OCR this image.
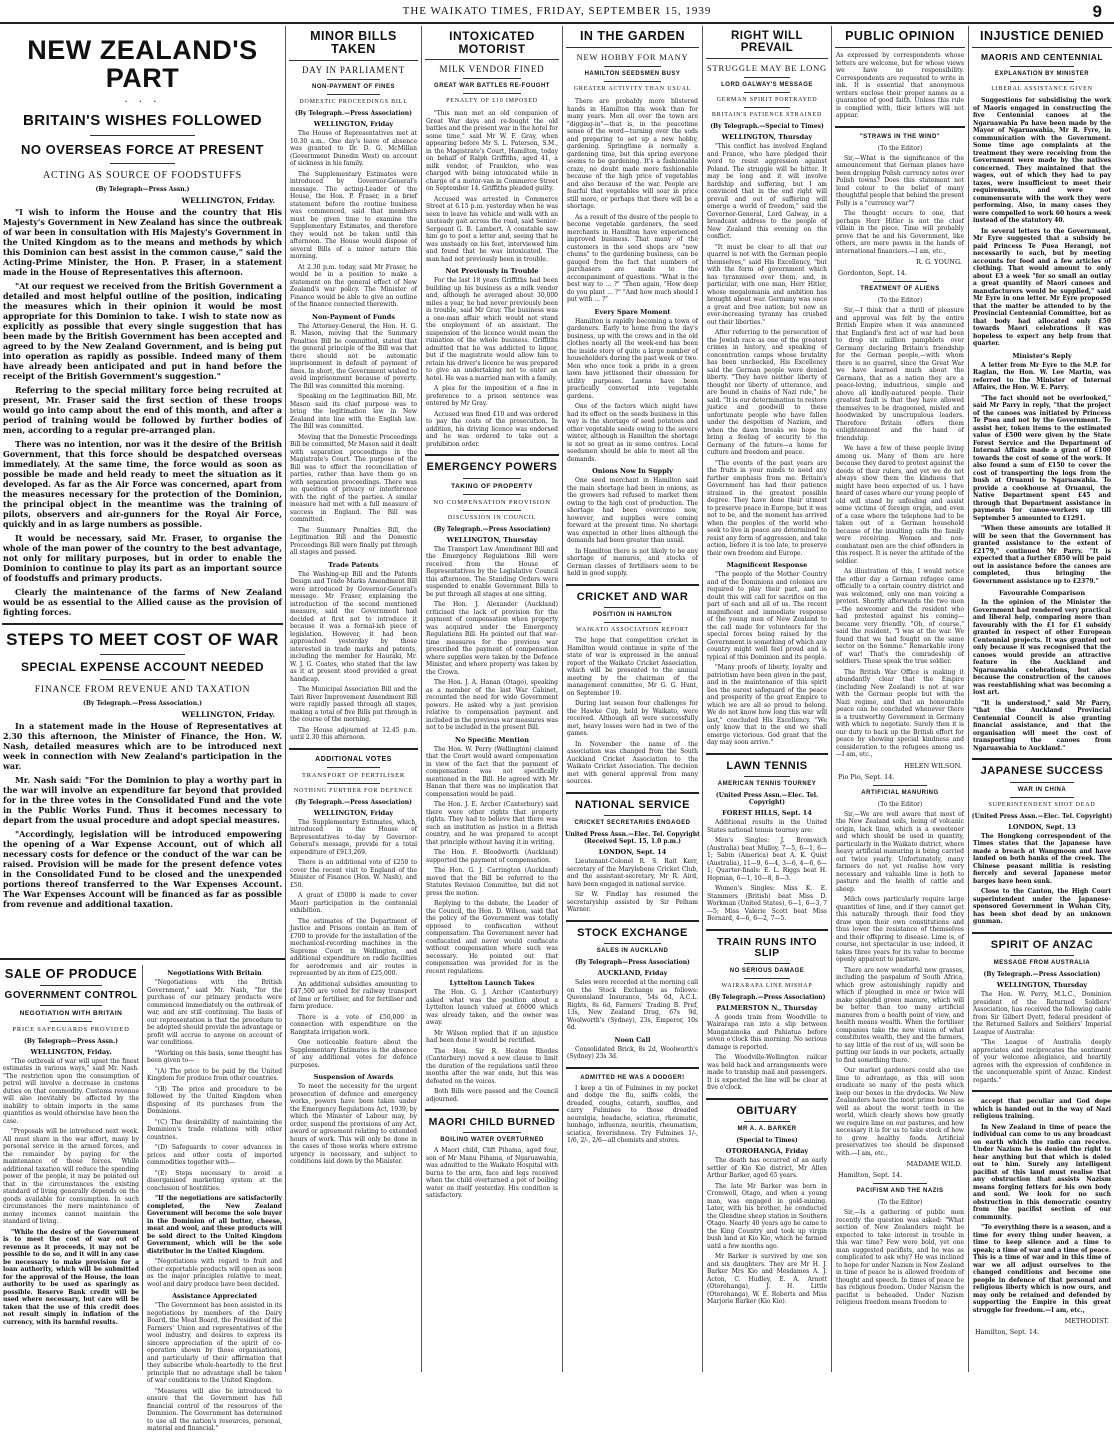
THE WAIKATO TIMES, FRIDAY, SEPTEMBER 15, 1939	9
NEW ZEALAND'S PART
· · ·
BRITAIN'S WISHES FOLLOWED
NO OVERSEAS FORCE AT PRESENT
ACTING AS SOURCE OF FOODSTUFFS
(By Telegraph—Press Assn.)
WELLINGTON, Friday.

"I wish to inform the House and the country that His Majesty's Government in New Zealand has since the outbreak of war been in consultation with His Majesty's Government in the United Kingdom as to the means and methods by which this Dominion can best assist in the common cause," said the Acting-Prime Minister, the Hon. P. Fraser, in a statement made in the House of Representatives this afternoon.

"At our request we received from the British Government a detailed and most helpful outline of the position, indicating the measures which in their opinion it would be most appropriate for this Dominion to take. I wish to state now as explicitly as possible that every single suggestion that has been made by the British Government has been accepted and agreed to by the New Zealand Government, and is being put into operation as rapidly as possible. Indeed many of them have already been anticipated and put in hand before the receipt of the British Government's suggestion."

Referring to the special military force being recruited at present, Mr. Fraser said the first section of these troops would go into camp about the end of this month, and after a period of training would be followed by further bodies of men, according to a regular pre-arranged plan.

There was no intention, nor was it the desire of the British Government, that this force should be despatched overseas immediately. At the same time, the force would as soon as possible be made and held ready to meet the situation as it developed. As far as the Air Force was concerned, apart from the measures necessary for the protection of the Dominion, the principal object in the meantime was the training of pilots, observers and air-gunners for the Royal Air Force, quickly and in as large numbers as possible.

It would be necessary, said Mr. Fraser, to organise the whole of the man power of the country to the best advantage, not only for military purposes, but in order to enable the Dominion to continue to play its part as an important source of foodstuffs and primary products.

Clearly the maintenance of the farms of New Zealand would be as essential to the Allied cause as the provision of fighting forces.

STEPS TO MEET COST OF WAR
SPECIAL EXPENSE ACCOUNT NEEDED
FINANCE FROM REVENUE AND TAXATION
(By Telegraph.—Press Association.)
WELLINGTON, Friday.

In a statement made in the House of Representatives at 2.30 this afternoon, the Minister of Finance, the Hon. W. Nash, detailed measures which are to be introduced next week in connection with New Zealand's participation in the war.

Mr. Nash said: "For the Dominion to play a worthy part in the war will involve an expenditure far beyond that provided for in the three votes in the Consolidated Fund and the vote in the Public Works Fund. Thus it becomes necessary to depart from the usual procedure and adopt special measures.

"Accordingly, legislation will be introduced empowering the opening of a War Expense Account, out of which all necessary costs for defence or the conduct of the war can be raised. Provision will be made for the present defence votes in the Consolidated Fund to be closed and the unexpended portions thereof transferred to the War Expenses Account. The War Expenses Account will be financed as far as possible from revenue and additional taxation.

SALE OF PRODUCE
GOVERNMENT CONTROL
NEGOTIATION WITH BRITAIN
PRICE SAFEGUARDS PROVIDED
(By Telegraph—Press Assn.)
WELLINGTON, Friday.

"The outbreak of war will upset the finest estimates in various ways," said Mr. Nash. "The restriction upon the consumption of petrol will involve a decrease in customs duties on that commodity. Customs revenue will also inevitably be affected by the inability to obtain imports in the same quantities as would otherwise have been the case.

"Proposals will be introduced next week. All must share in the war effort, many by personal service in the armed forces, and the remainder by paying for the maintenance of those forces. While additional taxation will reduce the spending power of the people, it may be pointed out that in the circumstances the existing standard of living generally depends on the goods available for consumption. In such circumstances the mere maintenance of money incomes cannot maintain the standard of living.

"While the desire of the Government is to meet the cost of war out of revenue as it proceeds, it may not be possible to do so, and it will in any case be necessary to make provision for a loan authority, which will be submitted for the approval of the House, the loan authority to be used as sparingly as possible. Reserve Bank credit will be used where necessary, but care will be taken that the use of this credit does not result simply in inflation of the currency, with its harmful results.

Negotiations With Britain

"Negotiations with the British Government," said Mr. Nash, "for the purchase of our primary products were commenced immediately on the outbreak of war, and are still continuing. The basis of our representation is that the procedure to be adopted should provide the advantage or profit will accrue to anyone on account of war conditions.

"Working on this basis, some thought has been given to—

"(A) The price to be paid by the United Kingdom for produce from other countries.

"(B) The price and procedure to be followed by the United Kingdom when disposing of its purchases from the Dominions.

"(C) The desirability of maintaining the Dominion's trade relations with other countries.

"(D) Safeguards to cover advances in prices and other costs of imported commodities together with—

"(E) Steps necessary to avoid a disorganised marketing system at the conclusion of hostilities.

"If the negotiations are satisfactorily completed, the New Zealand Government will become the sole buyer in the Dominion of all butter, cheese, meat and wool, and these products will be sold direct to the United Kingdom Government, which will be the sole distributor in the United Kingdom.

"Negotiations with regard to fruit and other exportable products will open as soon as the major principles relative to meat, wool and dairy produce have been decided.

Assistance Appreciated

"The Government has been assisted in its negotiations by members of the Dairy Board, the Meat Board, the President of the Farmers' Union and representatives of the wool industry, and desires to express its sincere appreciation of the spirit of co-operation shown by those organisations, and particularly of their affirmation that they subscribe whole-heartedly to the first principle that no advantage shall be taken of war conditions to the United Kingdom.

"Measures will also be introduced to ensure that the Government has full financial control of the resources of the Dominion. The Government has determined to use all the nation's resources, personal, material and financial."

MINOR BILLS TAKEN
DAY IN PARLIAMENT
NON-PAYMENT OF FINES
DOMESTIC PROCEEDINGS BILL
(By Telegraph.—Press Association)
WELLINGTON, Friday

The House of Representatives met at 10.30 a.m.. One day's leave of absence was granted to Dr. D. G. McMillan (Government Dunedin West) on account of sickness in his family.

The Supplementary Estimates were introduced by Governor-General's message. The acting-Leader of the House, the Hon. P. Fraser, in a brief statement before the routine business was commenced, said that members must be given time to examine the Supplementary Estimates, and therefore they would not be taken until this afternoon. The House would dispose of several Bills of a minor nature this morning.

At 2.30 p.m. today, said Mr Fraser, he would be in a position to make a statement on the general effect of New Zealand's war policy. The Minister of Finance would be able to give an outline of the finance connected therewith.

Non-Payment of Funds

The Attorney-General, the Hon. H. G. R. Mason, moving that the Summary Penalties Bill be committed, stated that the general principle of the Bill was that there should not be automatic imprisonment in default of payment of fines. In short, the Government wished to avoid imprisonment because of poverty. The Bill was committed this morning.

Speaking on the Legitimation Bill, Mr. Mason said its chief purpose was to bring the legitimation law in New Zealand into line with the English law. The Bill was committed.

Moving that the Domestic Proceedings Bill be committed, Mr Mason said it dealt with separation proceedings in the Magistrate's Court. The purpose of the Bill was to effect the reconciliation of parties, rather than have them go on with separation proceedings. There was no question of privacy or interference with the right of the parties. A similar measure had met with a full measure of success in England. The Bill was committed.

The Summary Penalties Bill, the Legitimation Bill and the Domestic Proceedings Bill were finally put through all stages and passed.

Trade Patents

The Washing-up Bill and the Patents Design and Trade Marks Amendment Bill were introduced by Governor-General's message. Mr Fraser, explaining the introduction of the second mentioned measure, said the Government had decided at first not to introduce it because it was a formal-ish piece of legislation. However, it had been approached yesterday by those interested in trade marks and patents, including the member for Hauraki, Mr. W. J. G. Coates, who stated that the law as it at present stood provided a great handicap.

The Municipal Association Bill and the Tairi River Improvement Amendment Bill were rapidly passed through all stages, making a total of five Bills put through in the course of the morning.

The House adjourned at 12.45 p.m. until 2.30 this afternoon.

ADDITIONAL VOTES
TRANSPORT OF FERTILISER
NOTHING FURTHER FOR DEFENCE
(By Telegraph.—Press Association)
WELLINGTON, Friday

The Supplementary Estimates, which, introduced in the House of Representatives to-day by Governor-General's message, provide for a total expenditure of £913,269.

There is an additional vote of £250 to cover the recent visit to England of the Minister of Finance (Hon. W. Nash), and £50.

A grant of £5000 is made to cover Maori participation in the centennial exhibition.

The estimates of the Department of Justice and Prisons contain an item of £700 to provide for the installation of the mechanical-recording machines in the Supreme Court in Wellington, and additional expenditure on radio facilities for aerodromes and air routes is represented by an item of £25,000.

An additional subsidies amounting to £47,500 are voted for railway transport of lime or fertiliser, and for fertiliser and farm produce.

There is a vote of £50,000 in connection with expenditure on the Rangitata irrigation work.

One noticeable feature about the Supplementary Estimates is the absence of any additional votes for defence purposes.

Suspension of Awards

To meet the necessity for the urgent prosecution of defence and emergency works, powers have been taken under the Emergency Regulations Act, 1939, by which the Minister of Labour may, by order, suspend the provisions of any Act, award or agreement relating to extended hours of work. This will only be done in the cases of those works where extreme urgency is necessary, and subject to conditions laid down by the Minister.

INTOXICATED MOTORIST
MILK VENDOR FINED
GREAT WAR BATTLES RE-FOUGHT
PENALTY OF £10 IMPOSED

"This man met an old companion of Great War days and re-fought the old battles and the present war in the hotel for some time," said Mr W. F. Gray, when appearing before Mr S. L. Paterson, S.M., in the Magistrate's Court, Hamilton, today on behalf of Ralph Griffiths, aged 41, a milk vendor, of Frankton, who was charged with being intoxicated while in charge of a motor-van in Commerce Street on September 14. Griffiths pleaded guilty.

Accused was arrested in Commerce Street at 6.15 p.m. yesterday when he was seen to leave his vehicle and walk with an unsteady gait across the road, said Senior-Sergeant G. B. Lambert. A constable saw him go to post a letter and, seeing that he was unsteady on his feet, interviewed him and found that he was intoxicated. The man had not previously been in trouble.

Not Previously in Trouble

For the last 18 years Griffiths had been building up his business as a milk vendor and, although he averaged about 30,000 miles a year, he had never previously been in trouble, said Mr Gray. The business was a one-man affair which would not stand the employment of an assistant. The suspension of the licence would mean the ruination of the whole business. Griffiths admitted that he was addicted to liquor, but if the magistrate would allow him to retain his driver's licence he was prepared to give an undertaking not to enter an hotel. He was a married man with a family.

A plea for the imposition of a fine in preference to a prison sentence was entered by Mr Gray.

Accused was fined £10 and was ordered to pay the costs of the prosecution. In addition, his driving licence was endorsed and he was ordered to take out a prohibition order.

EMERGENCY POWERS
TAKING OF PROPERTY
NO COMPENSATION PROVISION
DISCUSSION IN COUNCIL
(By Telegraph.—Press Association)
WELLINGTON, Thursday

The Transport Law Amendment Bill and the Emergency Regulations Bill were received from the House of Representatives by the Legislative Council this afternoon. The Standing Orders were suspended to enable Government Bills to be put through all stages at one sitting.

The Hon. J. Alexander (Auckland) criticised the lack of provision for the payment of compensation when property was acquired under the Emergency Regulations Bill. He pointed out that war-time measures for the previous war prescribed the payment of compensation where supplies were taken by the Defence Minister, and where property was taken by the Crown.

The Hon. J. A. Hanan (Otago), speaking as a member of the last War Cabinet, recounted the need for wide Government powers. He asked why a just provision relative to compensation payment and included in the previous war measures was not to be included in the present Bill.

No Specific Mention

The Hon. W. Perry (Wellington) claimed that the Court would award compensation in view of the fact that the payment of compensation was not specifically mentioned in the Bill. He agreed with Mr Hanan that there was no implication that compensation would be paid.

The Hon. J. E. Archer (Canterbury) said there were other rights that property rights. They had to believe that there was such an institution as justice in a British country, and he was prepared to accept that principle without having it in writing.

The Hon. F. Bloodworth (Auckland) supported the payment of compensation.

The Hon. G. J. Carrington (Auckland) moved that the Bill be referred to the Statutes Revision Committee, but did not press the motion.

Replying to the debate, the Leader of the Council, the Hon. D. Wilson, said that the policy of the Government was totally opposed to confiscation without compensation. The Government never had confiscated and never would confiscate without compensation where such was necessary. He pointed out that compensation was provided for in the recent regulations.

Lyttelton Launch Takes

The Hon. G. J. Archer (Canterbury) asked what was the position about a Lyttelton launch valued at £6000 which was already taken, and the owner was away.

Mr Wilson replied that if an injustice had been done it would be rectified.

The Hon. Sir R. Heaton Rhodes (Canterbury) moved a new clause to limit the duration of the regulations until three months after the war ends, but this was defeated on the voices.

Both Bills were passed and the Council adjourned.

MAORI CHILD BURNED
BOILING WATER OVERTURNED

A Maori child, Clift Pihama, aged four, son of Mr Manu Pihama, of Ngaruawahia, was admitted to the Waikato Hospital with burns to the arm, face and legs received when the child overturned a pot of boiling water on itself yesterday. His condition is satisfactory.

IN THE GARDEN
NEW HOBBY FOR MANY
HAMILTON SEEDSMEN BUSY
GREATER ACTIVITY THAN USUAL

There are probably more blistered hands in Hamilton this week than for many years. Men all over the town are "digging-in"—that is, in the peacetime sense of the word—turning over the sods and preparing to set up a new hobby, gardening. Springtime is normally a gardening time, but this spring everyone seems to be gardening. It's a fashionable craze, no doubt made more fashionable because of the high price of vegetables and also because of the war. People are fearful that vegetables will soar in price still more, or perhaps that there will be a shortage.

As a result of the desire of the people to become vegetable gardeners, the seed merchants in Hamilton have experienced improved business. That many of the customers in the seed shops are "new chums" to the gardening business, can be gauged from the fact that numbers of purchasers are made to the accompaniment of questions. "What is the best way to ... ?" "Then again, "How deep do you plant ... ?" "And how much should I put with ... ?"

Every Spare Moment

Hamilton is rapidly becoming a town of gardeners. Early to home from the day's business, up with the crows and in the old clothes nearly all the week-end has been the inside story of quite a large number of householders during the past week or two. Men who once took a pride in a green lawn have jettisoned their obsession for utility purposes. Lawns have been practically converted into vegetable gardens.

One of the factors which might have had its effect on the seeds business in this way is the shortage of seed potatoes and other vegetable seeds owing to the severe winter, although in Hamilton the shortage is not so great as in some centres. Local seedsmen should be able to meet all the demands.

Onions Now In Supply

One seed merchant in Hamilton said the main shortage had been in onions, as the growers had refused to market them owing to the high cost of production. The shortage had been overcome now, however, and supplies were coming forward at the present time. No shortage was expected in other lines although the demands had been greater than usual.

In Hamilton there is not likely to be any shortage of manures, and stocks of German classes of fertilisers seem to be held in good supply.

CRICKET AND WAR
POSITION IN HAMILTON
WAIKATO ASSOCIATION REPORT

The hope that competition cricket in Hamilton would continue in spite of the state of war is expressed in the annual report of the Waikato Cricket Association, which will be presented to the annual meeting by the chairman of the management committee, Mr G. G. Hunt, on September 19.

During last season four challenges for the Hawke Cup, held by Waikato, were received. Although all were successfully met, heavy losses were had in two of the games.

In November the name of the association was changed from the South Auckland Cricket Association to the Waikato Cricket Association. The decision met with general approval from many sources.

NATIONAL SERVICE
CRICKET SECRETARIES ENGAGED
United Press Assn.—Elec. Tel. Copyright (Received Sept. 15, 1.0 p.m.)
LONDON, Sept. 14

Lieutenant-Colonel R. S. Rait Kerr, secretary of the Marylebone Cricket Club, and the assistant-secretary, Mr R. Aird, have been engaged in national service.

Sir W. Findlay has resumed the secretaryship assisted by Sir Pelham Warner.

STOCK EXCHANGE
SALES IN AUCKLAND
(By Telegraph—Press Association)
AUCKLAND, Friday

Sales were recorded at the morning call on the Stock Exchange as follows: Queensland Insurance, 54s 6d, A.C.L. Rights, 8s 6d, Farmers' Trading B. Pref, 13s, New Zealand Drug, 67s 9d, Woolworth's (Sydney), 23s, Emperor, 10s 6d.

Noon Call

Consolidated Brick, 8s 2d, Woolworth's (Sydney) 23s 3d.

ADMITTED HE WAS A DODGER!

I keep a tin of Fulmines in my pocket and dodge the flu, sniffs colds, the dreaded, coughs, catarrh, snuffles, and carry Fulmines to those dreaded neuralgia, headache, sciatica, rheumatic, lumbago, influenza, neuritis, rheumatism, sciatica, feverishness. Try Fulmines 1/-, 1/6, 2/-, 2/6—all chemists and stores.

RIGHT WILL PREVAIL
STRUGGLE MAY BE LONG
LORD GALWAY'S MESSAGE
GERMAN SPIRIT PORTRAYED
BRITAIN'S PATIENCE STRAINED
(By Telegraph.—Special to Times)
WELLINGTON, Thursday

"This conflict has involved England and France, who have pledged their word to resist aggression against Poland. The struggle will be bitter. It may be long and it will involve hardship and suffering, but I am convinced that in the end right will prevail and out of suffering will emerge a world of freedom," said the Governor-General, Lord Galway, in a broadcast address to the people of New Zealand this evening on the conflict.

"It must be clear to all that our quarrel is not with the German people themselves," said His Excellency, "but with the form of government which has tyrannised over them, and, in particular, with one man, Herr Hitler, whose megalomania and ambition has brought about war. Germany was once a great and free nation; but now an ever-increasing tyranny has crushed out their liberties."

After referring to the persecution of the Jewish race as one of the greatest crimes in history, and speaking of concentration camps whose brutality has been unchecked, His Excellency said the German people were denied liberty. "They have neither liberty of thought nor liberty of utterance, and are bound in chains of Nazi rule," he said. "It is our determination to restore justice and goodwill to these unfortunate people who have fallen under the despotism of Nazism, and when the dawn breaks we hope to bring a feeling of security to the Germany of the future—a home for culture and freedom and peace.

"The events of the past years are the fruits in your minds to need any further emphasis from me. Britain's Government has had their patience strained in the greatest possible degree. They have done their utmost to preserve peace in Europe, but it was not to be, and the moment has arrived when the peoples of the world who seek to live in peace are determined to resist any form of aggression, and take action, before it is too late, to preserve their own freedom and Europe.

Magnificent Response

"The people of the Mother Country and of the Dominions and colonies are required to play their part, and no doubt this will call for sacrifice on the part of each and all of us. The recent magnificent and immediate response of the young men of New Zealand to the call made for volunteers for the special forces being raised by the Government is something of which any country might well feel proud and is typical of this Dominion and its people.

"Many proofs of liberty, loyalty and patriotism have been given in the past, and in the maintenance of this spirit lies the surest safeguard of the peace and prosperity of the great Empire to which we are all so proud to belong. We do not know how long this war will last," concluded His Excellency. "We only know that in the end we shall emerge victorious. God grant that the day may soon arrive."

LAWN TENNIS
AMERICAN TENNIS TOURNEY
(United Press Assn.—Elec. Tel. Copyright)
FOREST HILLS, Sept. 14

Additional results in the United States national tennis tourney are:

Men's Singles: J. Bromwich (Australia) beat Mulloy, 7—5, 6—1, 6—1; Sabin (America) beat A. K. Quist (Australia), 11—9, 6—4, 3—6, 4—6, 6—1; Quarter-finals: E. L. Riggs beat H. Hopman, 6—1, 10—8, 8—3.

Women's Singles: Miss K. E. Stammers (British) beat Miss D. Workman (United States), 6—1, 6—3, 7—5; Miss Valerie Scott beat Miss Bernard, 4—6, 6—2, 7—5.

TRAIN RUNS INTO SLIP
NO SERIOUS DAMAGE
WAIRARAPA LINE MISHAP
(By Telegraph.—Press Association)
PALMERSTON N., Thursday

A goods train from Woodville to Wairarapa ran into a slip between Mangatainoka and Pahiatua before seven o'clock this morning. No serious damage is reported.

The Woodville-Wellington railcar was held back and arrangements were made to tranship mail and passengers. It is expected the line will be clear at five o'clock.

OBITUARY
MR A. A. BARKER
(Special to Times)
OTOROHANGA, Friday

The death has occurred of an early settler of Kio Kio district, Mr Allen Arthur Barker, aged 65 years.

The late Mr Barker was born in Cromwell, Otago, and when a young man, was engaged in gold-mining. Later, with his brother, he conducted the Glendine sheep station in Southern Otago. Nearly 40 years ago he came to the King Country and took up virgin bush land at Kio Kio, which he farmed until a few months ago.

Mr Barker is survived by one son and six daughters. They are Mr H. J. Barker Mrs Kio and Mesdames A. J. Acton, C. Hudley, E. A. Arnott (Otorohanga), J. H. Little (Otorohanga), W. E. Roberts and Miss Marjorie Barker (Kio Kio).

PUBLIC OPINION

As expressed by correspondents whose letters are welcome, but for whose views we have no responsibility. Correspondents are requested to write in ink. It is essential that anonymous writers enclose their proper names as a guarantee of good faith. Unless this rule is complied with, their letters will not appear.

"STRAWS IN THE WIND"
(To the Editor)

Sir,—What is the significance of the announcement that German planes have been dropping Polish currency notes over Polish towns? Does this statement not lend colour to the belief of many thoughtful people that behind the present Folly is a "currency war"?

The thought occurs to one, that perhaps Herr Hitler is not the chief villain in the piece. Time will probably prove that he and his Government, like others, are mere pawns in the hands of international financiers.—I am, etc.,

R. G. YOUNG.
Gordonton, Sept. 14.
TREATMENT OF ALIENS
(To the Editor)

Sir,—I think that a thrill of pleasure and approval was felt by the entire British Empire when it was announced that England's first act of war had been to drop six million pamphlets over Germany declaring Britain's friendship for the German people,—with whom there is no quarrel, since the Great War we have learned much about the Germans, that as a nation they are a peace-loving, industrious, simple and above all kindly-natured people. Their greatest fault is that they have allowed themselves to be dragooned, misled and hoodwinked by unscrupulous leaders. Therefore Britain offers them enlightenment and the hand of friendship.

We have a few of these people living among us. Many of them are here because they dared to protest against the deeds of their rulers, and yet we do not always show them the kindness that might have been expected of us. I have heard of cases where our young people of old will stand by unfeeling and assist some victims of foreign origin, and even of a case where the telephone had to be taken out of a German household because of the insulting calls the family were receiving. Women and non-combatant men are the chief offenders in this respect. It is never the attitude of the soldier.

As illustration of this, I would notice the other day a German refugee came officially to a certain country district and was welcomed, only one man voicing a protest. Shortly afterwards the two men—the newcomer and the resident who had protested against his coming—became very friendly. "Oh, of course," said the resident, "I was at the war. We found that we had fought on the same sector on the Somme." Remarkable irony of war! That's the comradeship of soldiers. These speak the true soldier.

The British War Office is making it abundantly clear that the Empire (including New Zealand) is not at war with the German people but with the Nazi regime, and that an honourable peace can be concluded whenever there is a trustworthy Government in Germany with which to negotiate. Surely then it is our duty to back up the British effort for peace by showing special kindness and consideration to the refugees among us.—I am, etc.,

HELEN WILSON.
Pio Pio, Sept. 14.
ARTIFICIAL MANURING
(To the Editor)

Sir,—We are well aware that most of the New Zealand soils, being of volcanic origin, lack lime, which is a sweetener and which should be used in quantity, particularly in the Waikato district, where heavy artificial manuring is being carried out twice yearly. Unfortunately, many farmers do not yet realise how very necessary and valuable lime is both to pasture and the health of cattle and sheep.

Milch cows particularly require large quantities of lime, and if they cannot get this naturally through their food they draw upon their own constitutions and thus lower the resistance of themselves and their offspring to disease. Lime is, of course, not spectacular in use; indeed, it takes three years for its value to become openly apparent to pasture.

There are now wonderful new grasses, including the paspalum of South Africa, which grow astonishingly rapidly and which if ploughed in once or twice will make splendid green manure, which will be better than too many artificial manures from a health point of view, and health means wealth. When the fertiliser companies take the new vision of what constitutes wealth, they and the farmers, to say little of the rest of us, will soon be putting our lands in our pockets, actually to find something there.

Our market gardeners could also use lime to advantage, as this will soon eradicate so many of the pests which keep our boxes in the drydocks. We New Zealanders have the most prime bones as well as about the worst teeth in the world, which clearly shows how greatly we require lime on our pastures, and how necessary it is for us to take stock of how to grow healthy foods. Artificial preservatives too should be dispensed with.—I am, etc.,

MADAME WILD.
Hamilton, Sept. 14.
PACIFISM AND THE NAZIS
(To the Editor)

Sir,—Is a gathering of public men recently the question was asked: "What section of New Zealanders might be expected to take interest in trouble in this war time? Few were bold, yet one man suggested pacifists, and he was as complicated to ask why? He was inclined to hope for under Nazism in New Zealand in time of peace he is allowed freedom of thought and speech. In times of peace he has religious freedom. Under Nazism the pacifist is beheaded. Under Nazism religious freedom means freedom to

INJUSTICE DENIED
MAORIS AND CENTENNIAL
EXPLANATION BY MINISTER
LIBERAL ASSISTANCE GIVEN

Suggestions for subsidising the work of Maoris engaged in constructing the five Centennial canoes at the Ngaruawahia Pa have been made by the Mayor of Ngaruawahia, Mr R. Fyre, in communication with the Government. Some time ago complaints at the treatment they were receiving from the Government were made by the natives concerned. They maintained that the wages, out of which they had to pay taxes, were insufficient to meet their requirements, and were not commensurate with the work they were performing. Also, in many cases they were compelled to work 60 hours a week instead of the statutory 40.

In several letters to the Government, Mr Eyre suggested that a subsidy be paid Princess Te Puea Herangi, not necessarily to each, but by meeting accounts for food and a few articles of clothing. That would amount to only about £3 a week "for so small an outlay a great quantity of Maori canoes and manufacturers would be supplied," said Mr Eyre in one letter. Mr Eyre proposed that the matter be attended to by the Provincial Centennial Committee, but as that body had allocated only £50 towards Maori celebrations it was hopeless to expect any help from that quarter.

Minister's Reply

A letter from Mr Eyre to the M.P. for Raglan, the Hon. W. Lee Martin, was referred to the Minister of Internal Affairs, the Hon. W. E. Parry.

"The fact should not be overlooked," said Mr Parry in reply, "that the project of the canoes was initiated by Princess Te Puea and not by the Government. To assist her, token items to the estimated value of £500 were given by the State Forest Service and the Department of Internal Affairs made a grant of £100 towards the cost of some of the work. It also found a sum of £150 to cover the cost of transporting the logs from the bush at Oruanui to Ngaruawahia. To provide a cookhouse at Oruanui, the Native Department spent £45 and through that Department assistance in payments for canoe-workers up till September 5 amounted to £1291.

"When these amounts are totalled it will be seen that the Government has granted assistance to the extent of £2179," continued Mr Parry. "It is expected that a further £850 will be paid out in assistance before the canoes are completed, thus bringing the Government assistance up to £2379."

Favourable Comparison

In the opinion of the Minister the Government had rendered very practical and liberal help, comparing more than favourably with the £1 for £1 subsidy granted in respect of other European Centennial projects. It was granted not only because it was recognised that the canoes would provide an attractive feature in the Auckland and Ngaruawahia celebrations, but also because the construction of the canoes was reestablishing what was becoming a lost art.

"It is understood," said Mr Parry, "that the Auckland Provincial Centennial Council is also granting financial assistance, and that the organisation will meet the cost of transporting the canoes from Ngaruawahia to Auckland."

JAPANESE SUCCESS
WAR IN CHINA
SUPERINTENDENT SHOT DEAD
(United Press Assn.—Elec. Tel. Copyright)
LONDON, Sept. 13

The Hongkong correspondent of the Times states that the Japanese have made a breach at Wangmoon and have landed on both banks of the creek. The Chinese peasant militia is resisting fiercely and several Japanese motor barges have been sunk.

Close to the Canton, the High Court superintendent under the Japanese-sponsored Government in Wuhan City, has been shot dead by an unknown gunman.

SPIRIT OF ANZAC
MESSAGE FROM AUSTRALIA
(By Telegraph.—Press Association)
WELLINGTON, Thursday

The Hon. W. Perry, M.L.C., Dominion president of the Returned Soldiers' Association, has received the following cable from Sir Gilbert Dyett, federal president of the Returned Sailors and Soldiers' Imperial League of Australia:

"The League of Australia deeply appreciates and reciprocates the sentiment of your welcome allegiance, and heartily agrees with the expression of confidence in the unconquerable spirit of Anzac. Kindest regards."

accept that peculiar and God dope which is handed out in the way of Nazi religious training.

In New Zealand in time of peace the individual can come to us any broadcast on earth which the radio can receive. Under Nazism he is denied the right to hear anything but that which is doled out to him. Surely any intelligent pacifist of this land must realise that any obstruction that assists Nazism means forging fetters for his own body and soul. We look for no such obstruction in this democratic country from the pacifist section of our community.

"To everything there is a season, and a time for every thing under heaven, a time to keep silence and a time to speak; a time of war and a time of peace. This is a time of war and in this time of war we all adjust ourselves to the changed conditions and become one people in defence of that personal and religious liberty which is now ours, and may only be retained and defended by supporting the Empire in this great struggle for freedom.—I am, etc.,

METHODIST.
Hamilton, Sept. 14.
